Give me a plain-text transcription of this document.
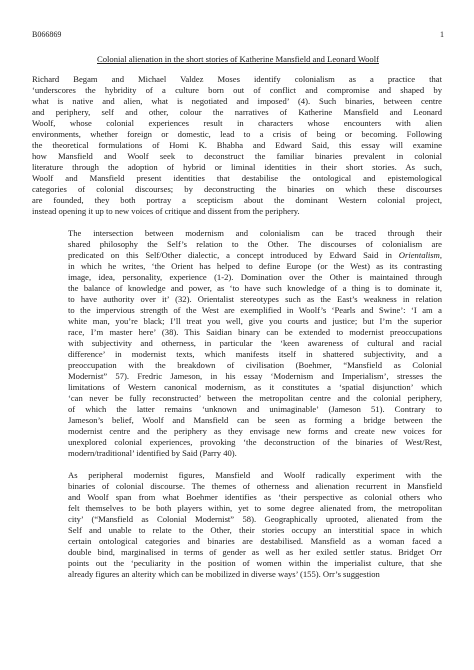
B066869	1
Colonial alienation in the short stories of Katherine Mansfield and Leonard Woolf

Richard Begam and Michael Valdez Moses identify colonialism as a practice that
‘underscores the hybridity of a culture born out of conflict and compromise and shaped by
what is native and alien, what is negotiated and imposed’ (4). Such binaries, between centre
and periphery, self and other, colour the narratives of Katherine Mansfield and Leonard
Woolf, whose colonial experiences result in characters whose encounters with alien
environments, whether foreign or domestic, lead to a crisis of being or becoming. Following
the theoretical formulations of Homi K. Bhabha and Edward Said, this essay will examine
how Mansfield and Woolf seek to deconstruct the familiar binaries prevalent in colonial
literature through the adoption of hybrid or liminal identities in their short stories. As such,
Woolf and Mansfield present identities that destabilise the ontological and epistemological
categories of colonial discourses; by deconstructing the binaries on which these discourses
are founded, they both portray a scepticism about the dominant Western colonial project,
instead opening it up to new voices of critique and dissent from the periphery.

The intersection between modernism and colonialism can be traced through their
shared philosophy the Self’s relation to the Other. The discourses of colonialism are
predicated on this Self/Other dialectic, a concept introduced by Edward Said in Orientalism,
in which he writes, ‘the Orient has helped to define Europe (or the West) as its contrasting
image, idea, personality, experience (1-2). Domination over the Other is maintained through
the balance of knowledge and power, as ‘to have such knowledge of a thing is to dominate it,
to have authority over it’ (32). Orientalist stereotypes such as the East’s weakness in relation
to the impervious strength of the West are exemplified in Woolf’s ‘Pearls and Swine’: ‘I am a
white man, you’re black; I’ll treat you well, give you courts and justice; but I’m the superior
race, I’m master here’ (38). This Saidian binary can be extended to modernist preoccupations
with subjectivity and otherness, in particular the ‘keen awareness of cultural and racial
difference’ in modernist texts, which manifests itself in shattered subjectivity, and a
preoccupation with the breakdown of civilisation (Boehmer, “Mansfield as Colonial
Modernist” 57). Fredric Jameson, in his essay ‘Modernism and Imperialism’, stresses the
limitations of Western canonical modernism, as it constitutes a ‘spatial disjunction’ which
‘can never be fully reconstructed’ between the metropolitan centre and the colonial periphery,
of which the latter remains ‘unknown and unimaginable’ (Jameson 51). Contrary to
Jameson’s belief, Woolf and Mansfield can be seen as forming a bridge between the
modernist centre and the periphery as they envisage new forms and create new voices for
unexplored colonial experiences, provoking ‘the deconstruction of the binaries of West/Rest,
modern/traditional’ identified by Said (Parry 40).

As peripheral modernist figures, Mansfield and Woolf radically experiment with the
binaries of colonial discourse. The themes of otherness and alienation recurrent in Mansfield
and Woolf span from what Boehmer identifies as ‘their perspective as colonial others who
felt themselves to be both players within, yet to some degree alienated from, the metropolitan
city’ (“Mansfield as Colonial Modernist” 58). Geographically uprooted, alienated from the
Self and unable to relate to the Other, their stories occupy an interstitial space in which
certain ontological categories and binaries are destabilised. Mansfield as a woman faced a
double bind, marginalised in terms of gender as well as her exiled settler status. Bridget Orr
points out the ‘peculiarity in the position of women within the imperialist culture, that she
already figures an alterity which can be mobilized in diverse ways’ (155). Orr’s suggestion
